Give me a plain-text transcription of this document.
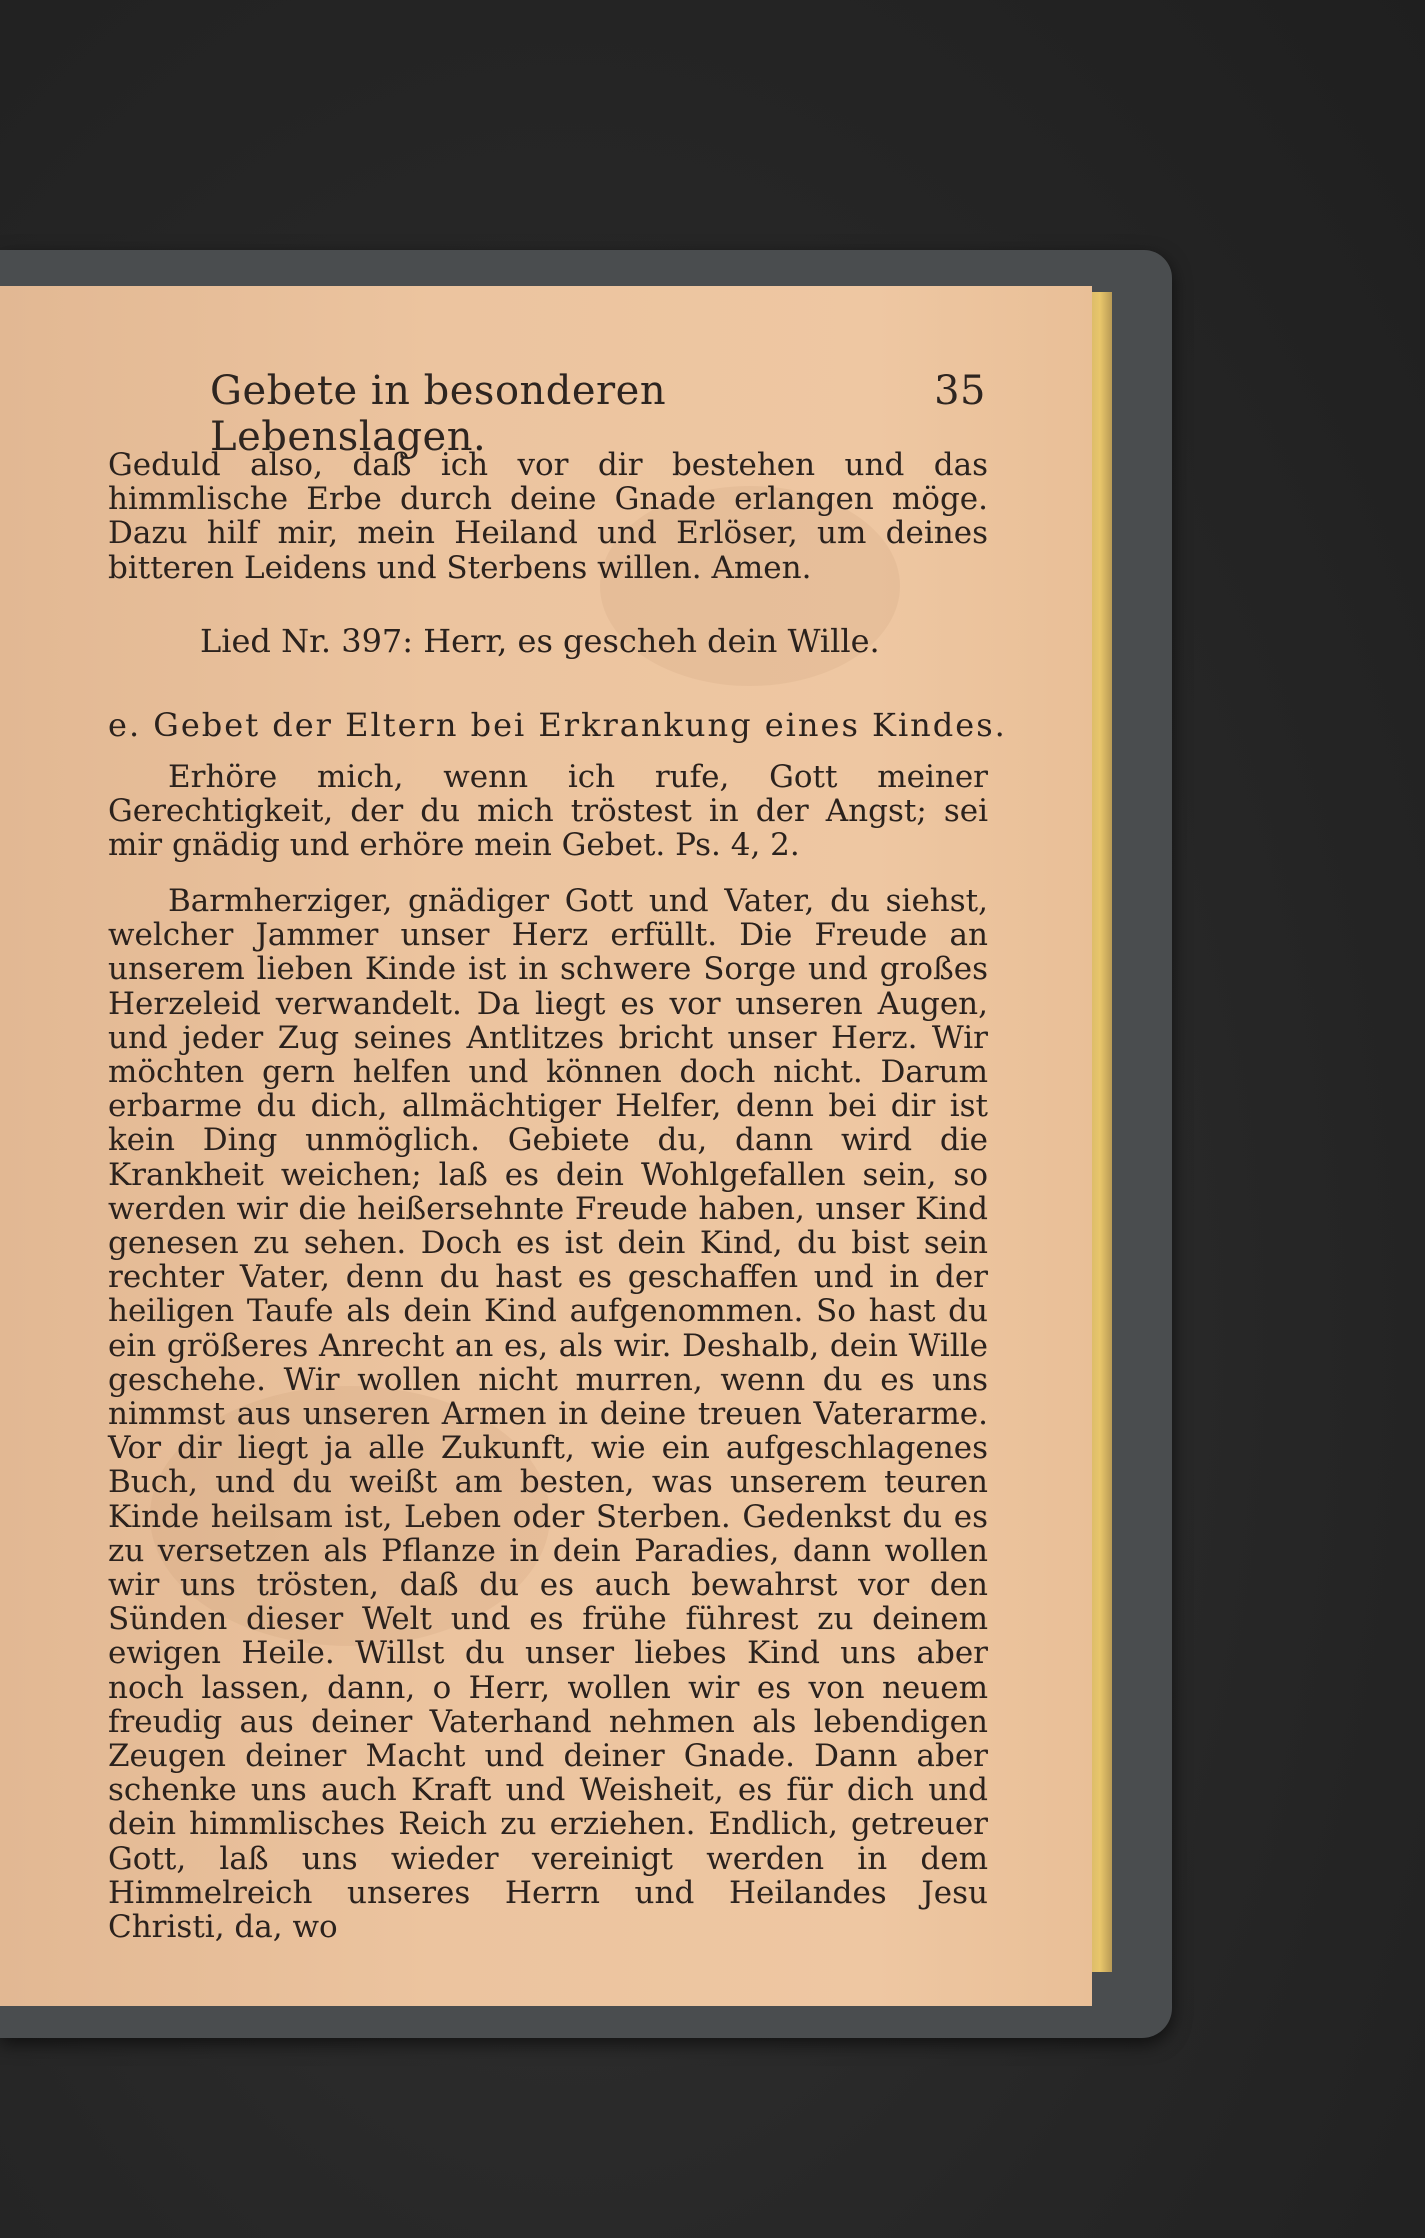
Gebete in besonderen Lebenslagen.
35

Geduld also, daß ich vor dir bestehen und das himmlische Erbe durch deine Gnade erlangen möge. Dazu hilf mir, mein Heiland und Erlöser, um deines bitteren Leidens und Sterbens willen. Amen.

Lied Nr. 397: Herr, es gescheh dein Wille.
e. Gebet der Eltern bei Erkrankung eines Kindes.

Erhöre mich, wenn ich rufe, Gott meiner Gerechtigkeit, der du mich tröstest in der Angst; sei mir gnädig und erhöre mein Gebet. Ps. 4, 2.

Barmherziger, gnädiger Gott und Vater, du siehst, welcher Jammer unser Herz erfüllt. Die Freude an unserem lieben Kinde ist in schwere Sorge und großes Herzeleid verwandelt. Da liegt es vor unseren Augen, und jeder Zug seines Antlitzes bricht unser Herz. Wir möchten gern helfen und können doch nicht. Darum erbarme du dich, allmächtiger Helfer, denn bei dir ist kein Ding unmöglich. Gebiete du, dann wird die Krankheit weichen; laß es dein Wohlgefallen sein, so werden wir die heißersehnte Freude haben, unser Kind genesen zu sehen. Doch es ist dein Kind, du bist sein rechter Vater, denn du hast es geschaffen und in der heiligen Taufe als dein Kind aufgenommen. So hast du ein größeres Anrecht an es, als wir. Deshalb, dein Wille geschehe. Wir wollen nicht murren, wenn du es uns nimmst aus unseren Armen in deine treuen Vaterarme. Vor dir liegt ja alle Zukunft, wie ein aufgeschlagenes Buch, und du weißt am besten, was unserem teuren Kinde heilsam ist, Leben oder Sterben. Gedenkst du es zu versetzen als Pflanze in dein Paradies, dann wollen wir uns trösten, daß du es auch bewahrst vor den Sünden dieser Welt und es frühe führest zu deinem ewigen Heile. Willst du unser liebes Kind uns aber noch lassen, dann, o Herr, wollen wir es von neuem freudig aus deiner Vaterhand nehmen als lebendigen Zeugen deiner Macht und deiner Gnade. Dann aber schenke uns auch Kraft und Weisheit, es für dich und dein himmlisches Reich zu erziehen. Endlich, getreuer Gott, laß uns wieder vereinigt werden in dem Himmelreich unseres Herrn und Heilandes Jesu Christi, da, wo
